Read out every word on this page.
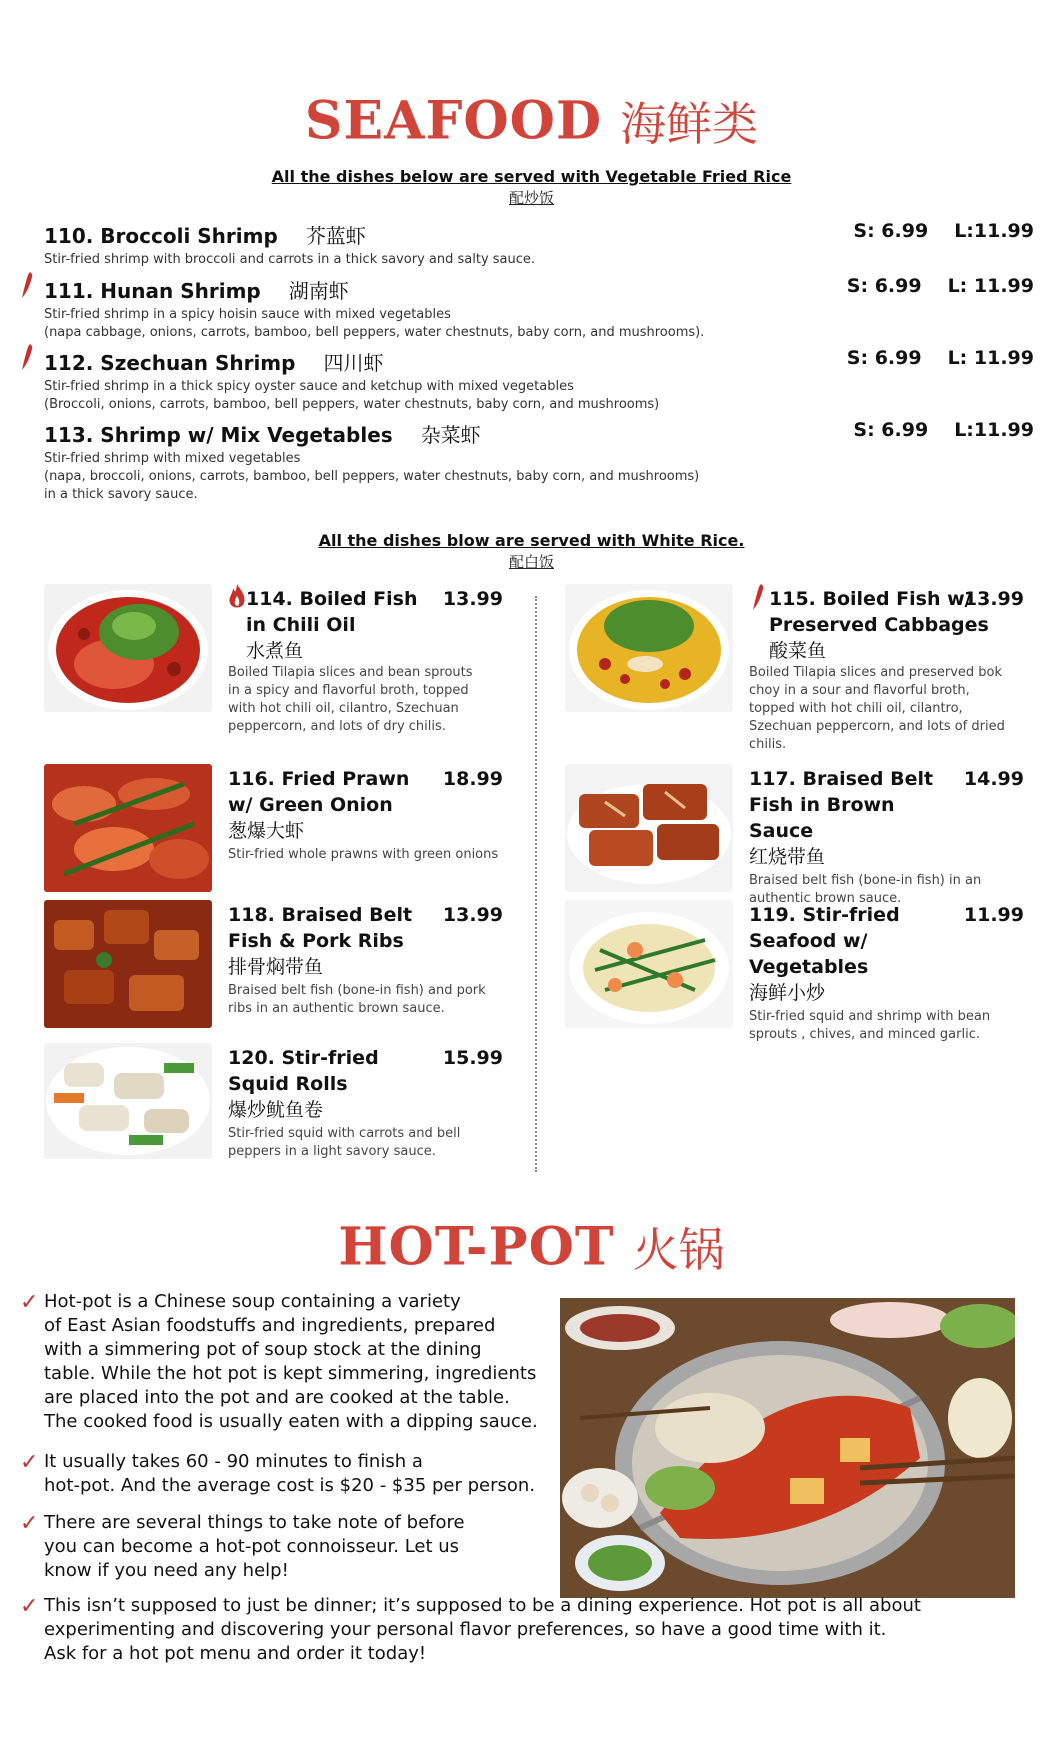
SEAFOOD 海鲜类
All the dishes below are served with Vegetable Fried Rice
配炒饭
110. Broccoli Shrimp 芥蓝虾
Stir-fried shrimp with broccoli and carrots in a thick savory and salty sauce.
S: 6.99 L:11.99
111. Hunan Shrimp 湖南虾
Stir-fried shrimp in a spicy hoisin sauce with mixed vegetables
(napa cabbage, onions, carrots, bamboo, bell peppers, water chestnuts, baby corn, and mushrooms).
S: 6.99 L: 11.99
112. Szechuan Shrimp 四川虾
Stir-fried shrimp in a thick spicy oyster sauce and ketchup with mixed vegetables
(Broccoli, onions, carrots, bamboo, bell peppers, water chestnuts, baby corn, and mushrooms)
S: 6.99 L: 11.99
113. Shrimp w/ Mix Vegetables 杂菜虾
Stir-fried shrimp with mixed vegetables
(napa, broccoli, onions, carrots, bamboo, bell peppers, water chestnuts, baby corn, and mushrooms)
in a thick savory sauce.
S: 6.99 L:11.99
All the dishes blow are served with White Rice.
配白饭
13.99
114. Boiled Fish in Chili Oil
水煮鱼
Boiled Tilapia slices and bean sprouts in a spicy and flavorful broth, topped with hot chili oil, cilantro, Szechuan peppercorn, and lots of dry chilis.
13.99
115. Boiled Fish w/ Preserved Cabbages
酸菜鱼
Boiled Tilapia slices and preserved bok choy in a sour and flavorful broth, topped with hot chili oil, cilantro, Szechuan peppercorn, and lots of dried chilis.
18.99
116. Fried Prawn w/ Green Onion
葱爆大虾
Stir-fried whole prawns with green onions
14.99
117. Braised Belt Fish in Brown Sauce
红烧带鱼
Braised belt fish (bone-in fish) in an authentic brown sauce.
13.99
118. Braised Belt Fish & Pork Ribs
排骨焖带鱼
Braised belt fish (bone-in fish) and pork ribs in an authentic brown sauce.
11.99
119. Stir-fried Seafood w/ Vegetables
海鲜小炒
Stir-fried squid and shrimp with bean sprouts , chives, and minced garlic.
15.99
120. Stir-fried Squid Rolls
爆炒鱿鱼卷
Stir-fried squid with carrots and bell peppers in a light savory sauce.
HOT-POT 火锅
✓ Hot-pot is a Chinese soup containing a variety
of East Asian foodstuffs and ingredients, prepared
with a simmering pot of soup stock at the dining
table. While the hot pot is kept simmering, ingredients
are placed into the pot and are cooked at the table.
The cooked food is usually eaten with a dipping sauce.
✓ It usually takes 60 - 90 minutes to finish a
hot-pot. And the average cost is $20 - $35 per person.
✓ There are several things to take note of before
you can become a hot-pot connoisseur. Let us
know if you need any help!
✓ This isn’t supposed to just be dinner; it’s supposed to be a dining experience. Hot pot is all about
experimenting and discovering your personal flavor preferences, so have a good time with it.
Ask for a hot pot menu and order it today!
